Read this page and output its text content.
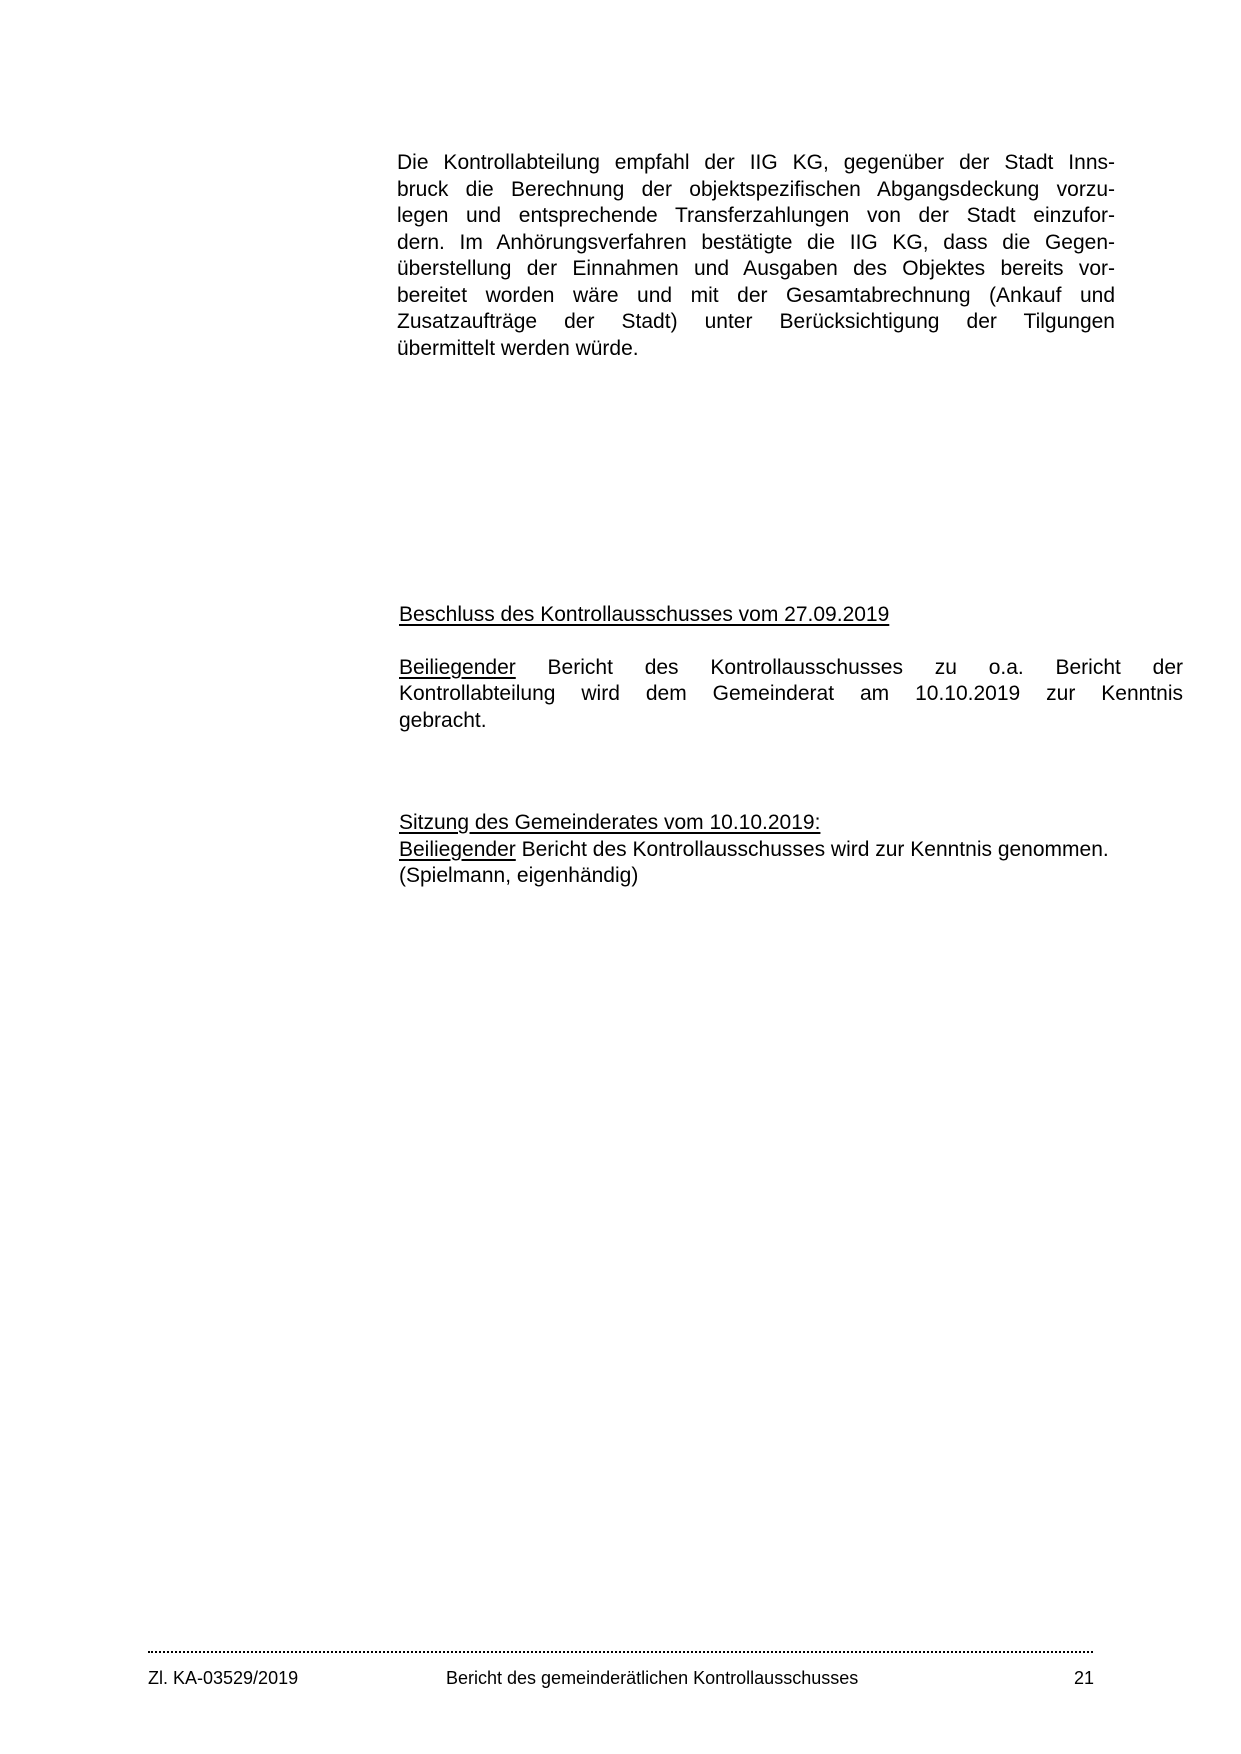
Die Kontrollabteilung empfahl der IIG KG, gegenüber der Stadt Inns-
bruck die Berechnung der objektspezifischen Abgangsdeckung vorzu-
legen und entsprechende Transferzahlungen von der Stadt einzufor-
dern. Im Anhörungsverfahren bestätigte die IIG KG, dass die Gegen-
überstellung der Einnahmen und Ausgaben des Objektes bereits vor-
bereitet worden wäre und mit der Gesamtabrechnung (Ankauf und
Zusatzaufträge der Stadt) unter Berücksichtigung der Tilgungen
übermittelt werden würde.
Beschluss des Kontrollausschusses vom 27.09.2019
Beiliegender Bericht des Kontrollausschusses zu o.a. Bericht der
Kontrollabteilung wird dem Gemeinderat am 10.10.2019 zur Kenntnis
gebracht.
Sitzung des Gemeinderates vom 10.10.2019:
Beiliegender Bericht des Kontrollausschusses wird zur Kenntnis genommen.
(Spielmann, eigenhändig)
Zl. KA-03529/2019	Bericht des gemeinderätlichen Kontrollausschusses	21
